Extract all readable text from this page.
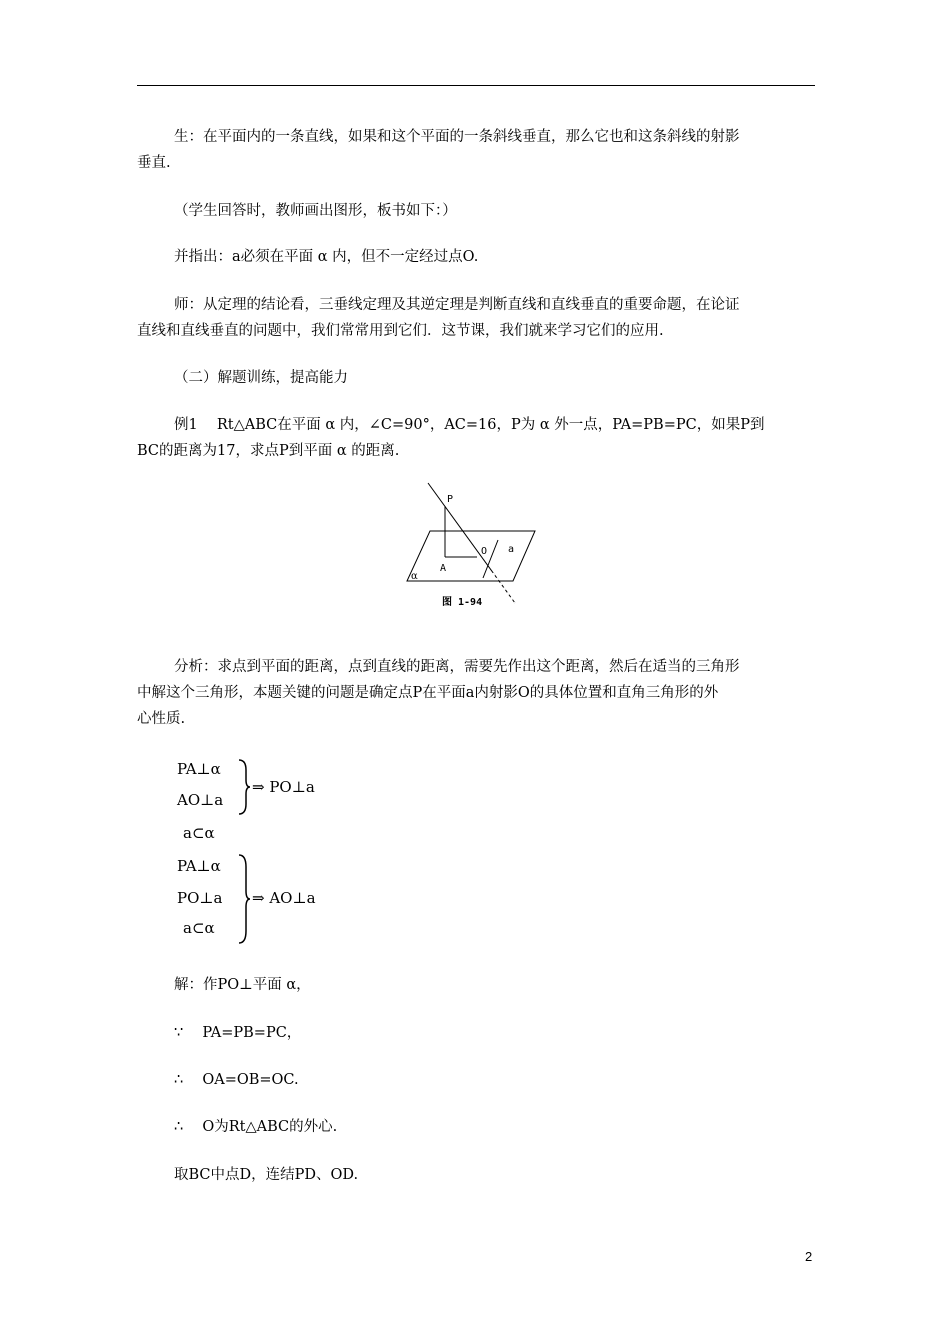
生：在平面内的一条直线，如果和这个平面的一条斜线垂直，那么它也和这条斜线的射影
垂直.
（学生回答时，教师画出图形，板书如下：）
并指出：a必须在平面 α 内，但不一定经过点O.
师：从定理的结论看，三垂线定理及其逆定理是判断直线和直线垂直的重要命题，在论证
直线和直线垂直的问题中，我们常常用到它们．这节课，我们就来学习它们的应用.
（二）解题训练，提高能力
例1　 Rt△ABC在平面 α 内，∠C=90°，AC=16，P为 α 外一点，PA=PB=PC，如果P到
BC的距离为17，求点P到平面 α 的距离.
P
O a
A
α
图 1-94
分析：求点到平面的距离，点到直线的距离，需要先作出这个距离，然后在适当的三角形
中解这个三角形，本题关键的问题是确定点P在平面a内射影O的具体位置和直角三角形的外
心性质.
PA⊥α
AO⊥a
a⊂α
⇒ PO⊥a
PA⊥α
PO⊥a
a⊂α
⇒ AO⊥a
解：作PO⊥平面 α，
∵　 PA=PB=PC，
∴　 OA=OB=OC.
∴　 O为Rt△ABC的外心.
取BC中点D，连结PD、OD.
2
